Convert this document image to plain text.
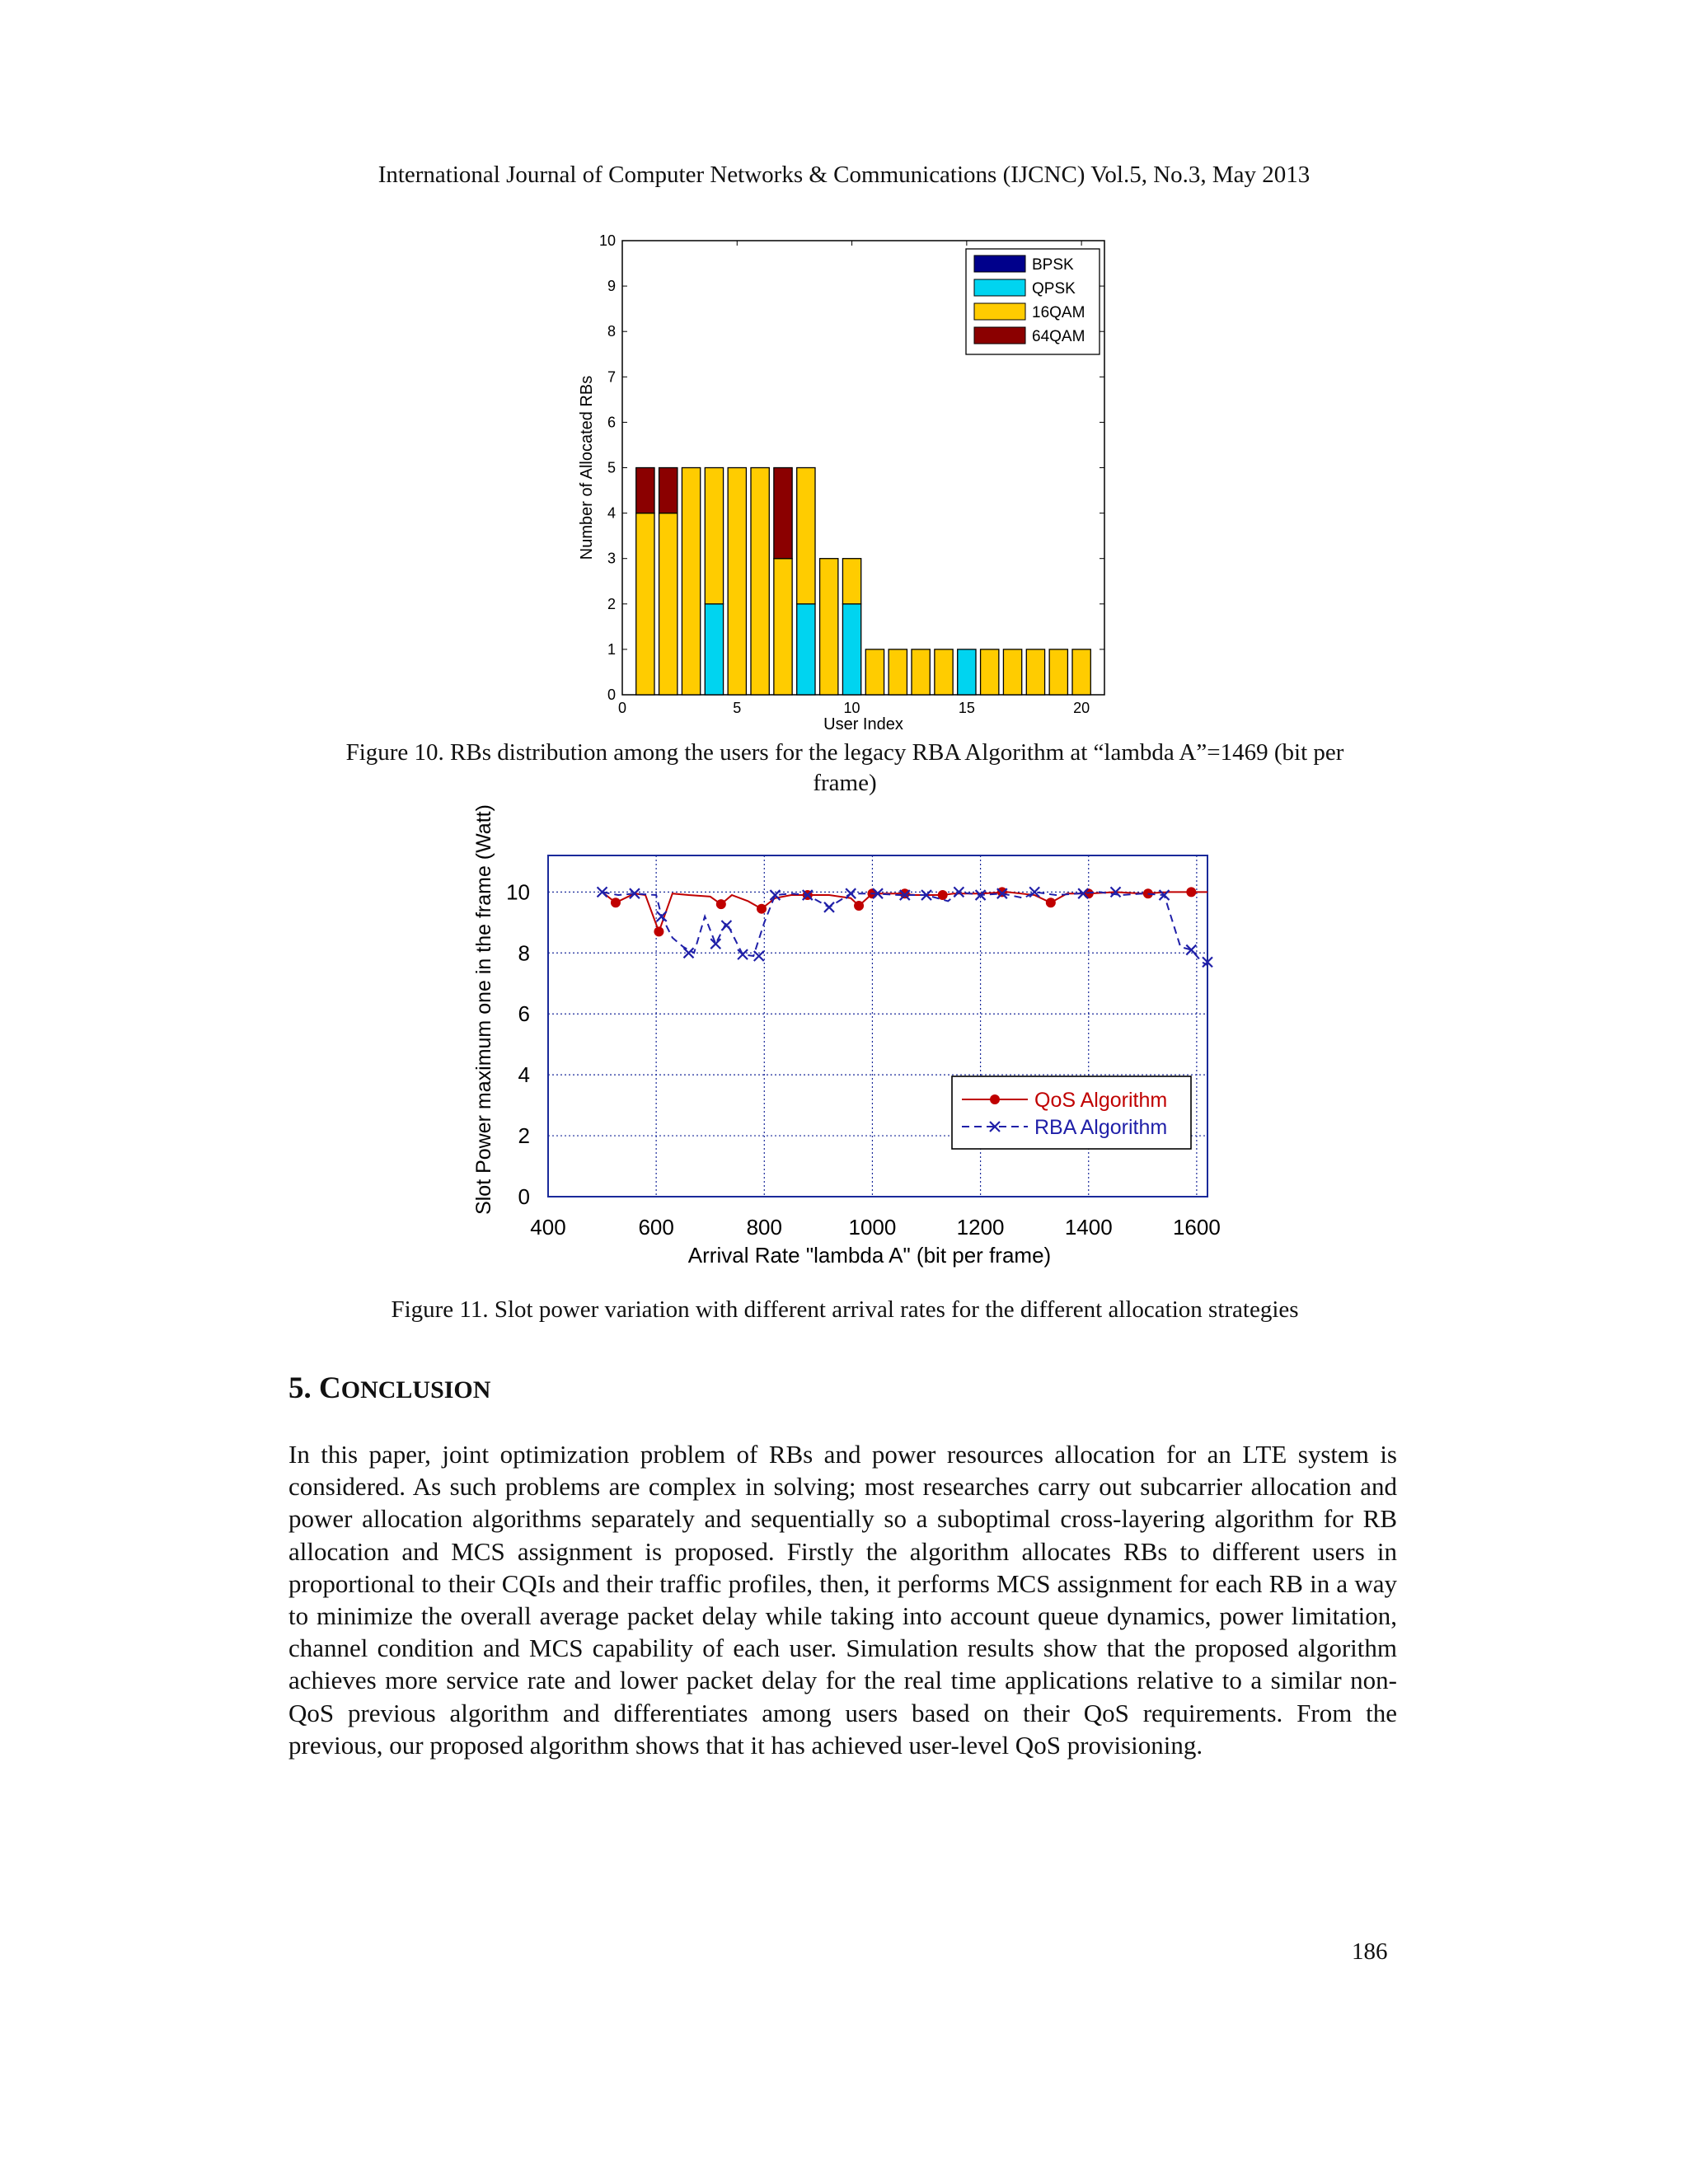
International Journal of Computer Networks & Communications (IJCNC) Vol.5, No.3, May 2013
0
1
2
3
4
5
6
7
8
9
10
0	5	10	15	20
BPSK
QPSK
16QAM
64QAM
User Index
Number of Allocated RBs
Figure 10. RBs distribution among the users for the legacy RBA Algorithm at “lambda A”=1469 (bit per
frame)
0
2
4
6
8
10
400	600	800	1000	1200	1400	1600
QoS Algorithm
RBA Algorithm
Arrival Rate "lambda A" (bit per frame)
Slot Power maximum one in the frame (Watt)
Figure 11. Slot power variation with different arrival rates for the different allocation strategies
5. CONCLUSION
In this paper, joint optimization problem of RBs and power resources allocation for an LTE system is considered. As such problems are complex in solving; most researches carry out subcarrier allocation and power allocation algorithms separately and sequentially so a suboptimal cross-layering algorithm for RB allocation and MCS assignment is proposed. Firstly the algorithm allocates RBs to different users in proportional to their CQIs and their traffic profiles, then, it performs MCS assignment for each RB in a way to minimize the overall average packet delay while taking into account queue dynamics, power limitation, channel condition and MCS capability of each user. Simulation results show that the proposed algorithm achieves more service rate and lower packet delay for the real time applications relative to a similar non-QoS previous algorithm and differentiates among users based on their QoS requirements. From the previous, our proposed algorithm shows that it has achieved user-level QoS provisioning.
186
